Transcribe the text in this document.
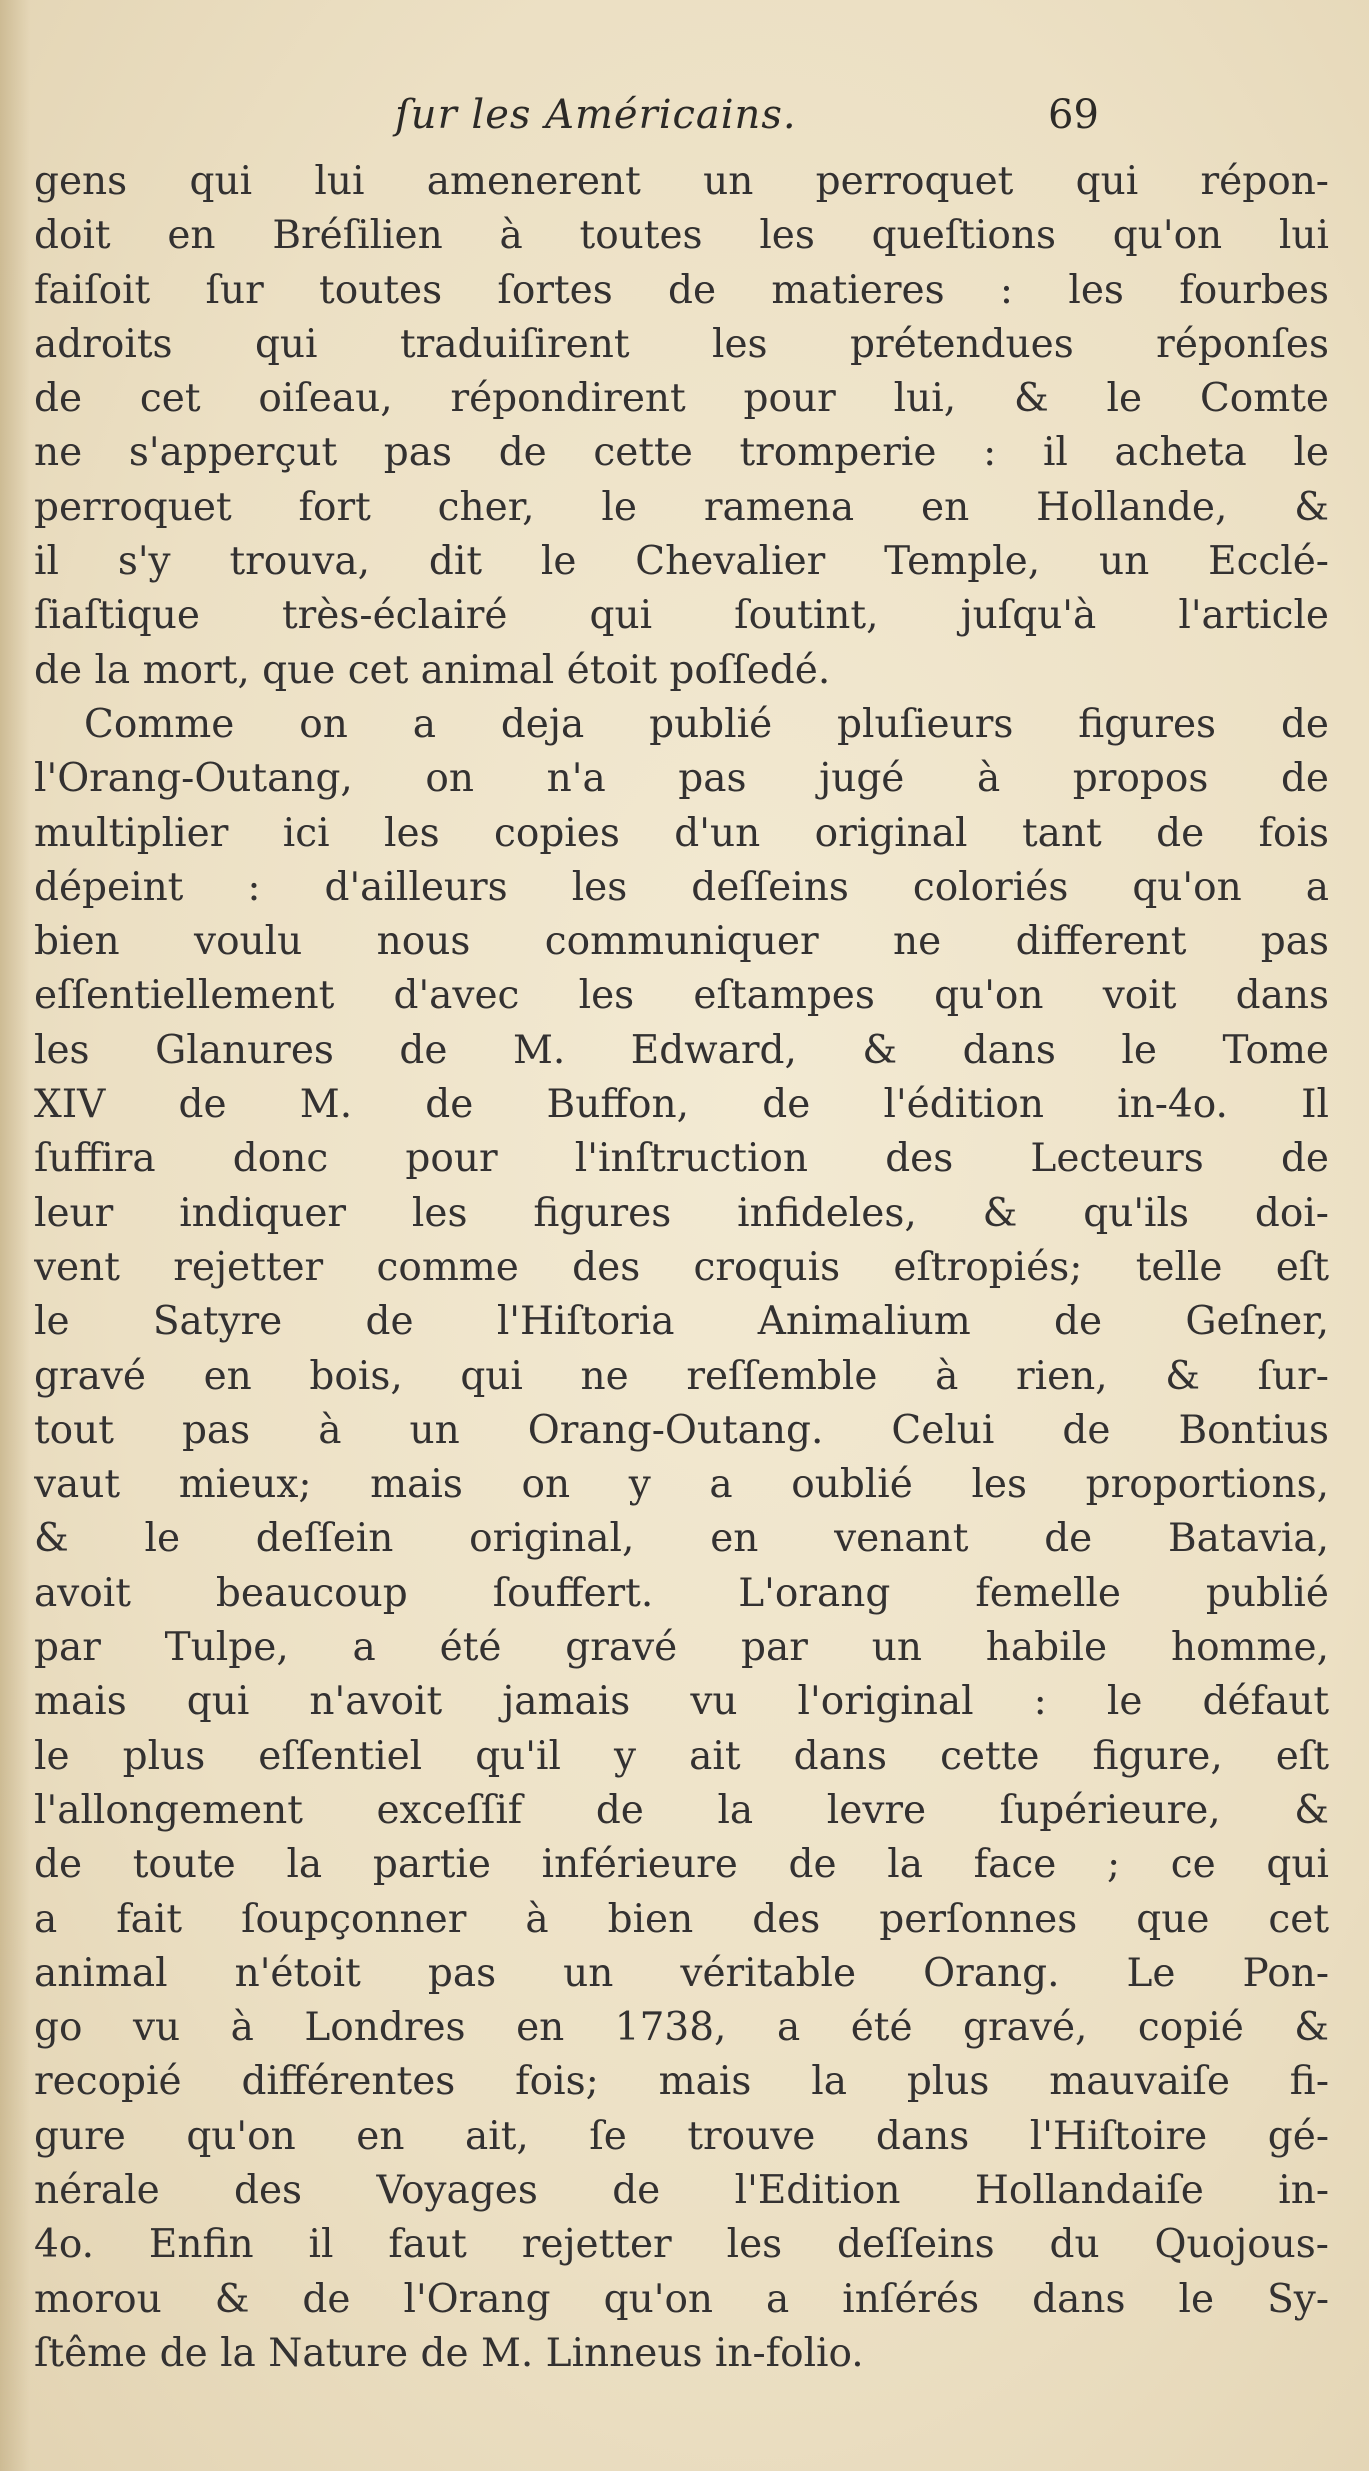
ſur les Américains.	69
gens qui lui amenerent un perroquet qui répon-
doit en Bréſilien à toutes les queſtions qu'on lui
faiſoit ſur toutes ſortes de matieres : les fourbes
adroits qui traduiſirent les prétendues réponſes
de cet oiſeau, répondirent pour lui, & le Comte
ne s'apperçut pas de cette tromperie : il acheta le
perroquet fort cher, le ramena en Hollande, &
il s'y trouva, dit le Chevalier Temple, un Ecclé-
ſiaſtique très-éclairé qui ſoutint, juſqu'à l'article
de la mort, que cet animal étoit poſſedé.
Comme on a deja publié pluſieurs figures de
l'Orang-Outang, on n'a pas jugé à propos de
multiplier ici les copies d'un original tant de fois
dépeint : d'ailleurs les deſſeins coloriés qu'on a
bien voulu nous communiquer ne different pas
eſſentiellement d'avec les eſtampes qu'on voit dans
les Glanures de M. Edward, & dans le Tome
XIV de M. de Buffon, de l'édition in-4o. Il
ſuffira donc pour l'inſtruction des Lecteurs de
leur indiquer les figures infideles, & qu'ils doi-
vent rejetter comme des croquis eſtropiés; telle eſt
le Satyre de l'Hiſtoria Animalium de Geſner,
gravé en bois, qui ne reſſemble à rien, & ſur-
tout pas à un Orang-Outang. Celui de Bontius
vaut mieux; mais on y a oublié les proportions,
& le deſſein original, en venant de Batavia,
avoit beaucoup ſouffert. L'orang femelle publié
par Tulpe, a été gravé par un habile homme,
mais qui n'avoit jamais vu l'original : le défaut
le plus eſſentiel qu'il y ait dans cette figure, eſt
l'allongement exceſſif de la levre ſupérieure, &
de toute la partie inférieure de la face ; ce qui
a fait ſoupçonner à bien des perſonnes que cet
animal n'étoit pas un véritable Orang. Le Pon-
go vu à Londres en 1738, a été gravé, copié &
recopié différentes fois; mais la plus mauvaiſe fi-
gure qu'on en ait, ſe trouve dans l'Hiſtoire gé-
nérale des Voyages de l'Edition Hollandaiſe in-
4o. Enfin il faut rejetter les deſſeins du Quojous-
morou & de l'Orang qu'on a inſérés dans le Sy-
ſtême de la Nature de M. Linneus in-folio.
